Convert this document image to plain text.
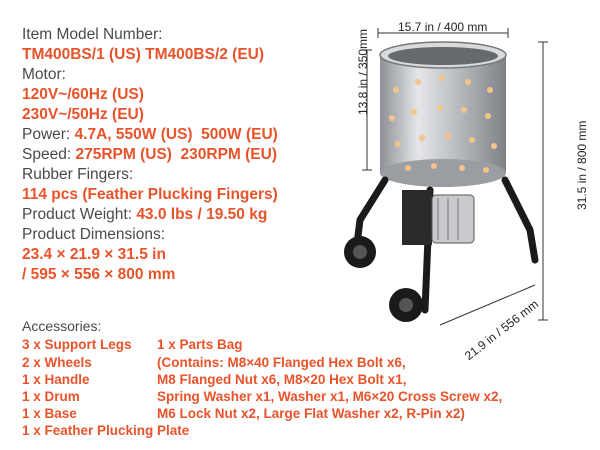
Item Model Number:
TM400BS/1 (US) TM400BS/2 (EU)
Motor:
120V~/60Hz (US)
230V~/50Hz (EU)
Power: 4.7A, 550W (US)  500W (EU)
Speed: 275RPM (US)  230RPM (EU)
Rubber Fingers:
114 pcs (Feather Plucking Fingers)
Product Weight: 43.0 lbs / 19.50 kg
Product Dimensions:
23.4 × 21.9 × 31.5 in
/ 595 × 556 × 800 mm
Accessories:
3 x Support Legs
2 x Wheels
1 x Handle
1 x Drum
1 x Base
1 x Feather Plucking Plate
1 x Parts Bag
(Contains: M8×40 Flanged Hex Bolt x6,
M8 Flanged Nut x6, M8×20 Hex Bolt x1,
Spring Washer x1, Washer x1, M6×20 Cross Screw x2,
M6 Lock Nut x2, Large Flat Washer x2, R-Pin x2)
15.7 in / 400 mm
13.8 in / 350mm
31.5 in / 800 mm
21.9 in / 556 mm
